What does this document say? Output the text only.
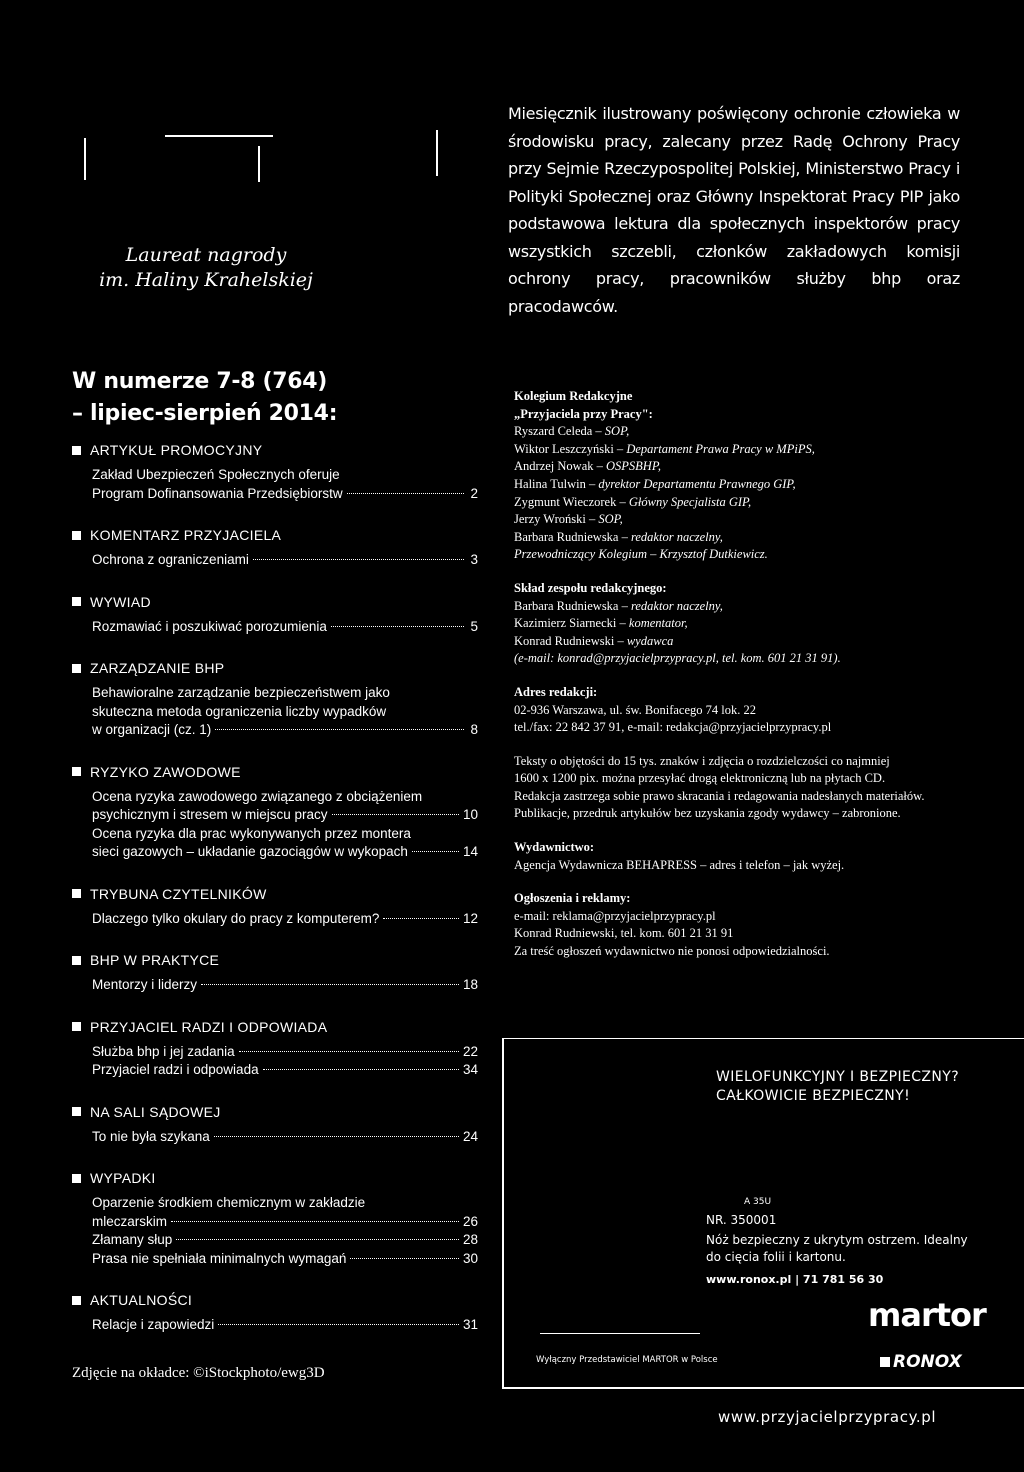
Laureat nagrody
im. Haliny Krahelskiej
Miesięcznik ilustrowany poświęcony ochronie człowieka w środowisku pracy, zalecany przez Radę Ochrony Pracy przy Sejmie Rzeczypospolitej Polskiej, Ministerstwo Pracy i Polityki Społecznej oraz Główny Inspektorat Pracy PIP jako podstawowa lektura dla społecznych inspektorów pracy wszystkich szczebli, członków zakładowych komisji ochrony pracy, pracowników służby bhp oraz pracodawców.
W numerze 7-8 (764)
– lipiec-sierpień 2014:
ARTYKUŁ PROMOCYJNY
Zakład Ubezpieczeń Społecznych oferuje
Program Dofinansowania Przedsiębiorstw	2
KOMENTARZ PRZYJACIELA
Ochrona z ograniczeniami	3
WYWIAD
Rozmawiać i poszukiwać porozumienia	5
ZARZĄDZANIE BHP
Behawioralne zarządzanie bezpieczeństwem jako
skuteczna metoda ograniczenia liczby wypadków
w organizacji (cz. 1)	8
RYZYKO ZAWODOWE
Ocena ryzyka zawodowego związanego z obciążeniem
psychicznym i stresem w miejscu pracy	10
Ocena ryzyka dla prac wykonywanych przez montera
sieci gazowych – układanie gazociągów w wykopach	14
TRYBUNA CZYTELNIKÓW
Dlaczego tylko okulary do pracy z komputerem?	12
BHP W PRAKTYCE
Mentorzy i liderzy	18
PRZYJACIEL RADZI I ODPOWIADA
Służba bhp i jej zadania	22
Przyjaciel radzi i odpowiada	34
NA SALI SĄDOWEJ
To nie była szykana	24
WYPADKI
Oparzenie środkiem chemicznym w zakładzie
mleczarskim	26
Złamany słup	28
Prasa nie spełniała minimalnych wymagań	30
AKTUALNOŚCI
Relacje i zapowiedzi	31
Zdjęcie na okładce: ©iStockphoto/ewg3D
Kolegium Redakcyjne
„Przyjaciela przy Pracy":
Ryszard Celeda – SOP,
Wiktor Leszczyński – Departament Prawa Pracy w MPiPS,
Andrzej Nowak – OSPSBHP,
Halina Tulwin – dyrektor Departamentu Prawnego GIP,
Zygmunt Wieczorek – Główny Specjalista GIP,
Jerzy Wroński – SOP,
Barbara Rudniewska – redaktor naczelny,
Przewodniczący Kolegium – Krzysztof Dutkiewicz.
Skład zespołu redakcyjnego:
Barbara Rudniewska – redaktor naczelny,
Kazimierz Siarnecki – komentator,
Konrad Rudniewski – wydawca
(e-mail: konrad@przyjacielprzypracy.pl, tel. kom. 601 21 31 91).
Adres redakcji:
02-936 Warszawa, ul. św. Bonifacego 74 lok. 22
tel./fax: 22 842 37 91, e-mail: redakcja@przyjacielprzypracy.pl
Teksty o objętości do 15 tys. znaków i zdjęcia o rozdzielczości co najmniej
1600 x 1200 pix. można przesyłać drogą elektroniczną lub na płytach CD.
Redakcja zastrzega sobie prawo skracania i redagowania nadesłanych materiałów.
Publikacje, przedruk artykułów bez uzyskania zgody wydawcy – zabronione.
Wydawnictwo:
Agencja Wydawnicza BEHAPRESS – adres i telefon – jak wyżej.
Ogłoszenia i reklamy:
e-mail: reklama@przyjacielprzypracy.pl
Konrad Rudniewski, tel. kom. 601 21 31 91
Za treść ogłoszeń wydawnictwo nie ponosi odpowiedzialności.
WIELOFUNKCYJNY I BEZPIECZNY?
CAŁKOWICIE BEZPIECZNY!
A 35U
NR. 350001
Nóż bezpieczny z ukrytym ostrzem. Idealny do cięcia folii i kartonu.
www.ronox.pl | 71 781 56 30
martor
Wyłączny Przedstawiciel MARTOR w Polsce	RONOX
www.przyjacielprzypracy.pl
